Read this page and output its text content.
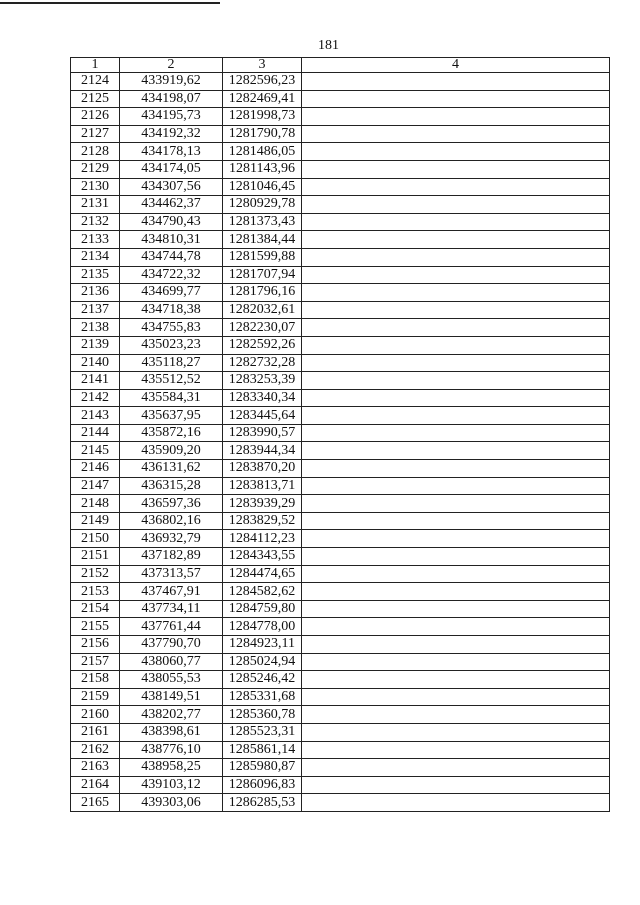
181
1	2	3	4
2124	433919,62	1282596,23	
2125	434198,07	1282469,41	
2126	434195,73	1281998,73	
2127	434192,32	1281790,78	
2128	434178,13	1281486,05	
2129	434174,05	1281143,96	
2130	434307,56	1281046,45	
2131	434462,37	1280929,78	
2132	434790,43	1281373,43	
2133	434810,31	1281384,44	
2134	434744,78	1281599,88	
2135	434722,32	1281707,94	
2136	434699,77	1281796,16	
2137	434718,38	1282032,61	
2138	434755,83	1282230,07	
2139	435023,23	1282592,26	
2140	435118,27	1282732,28	
2141	435512,52	1283253,39	
2142	435584,31	1283340,34	
2143	435637,95	1283445,64	
2144	435872,16	1283990,57	
2145	435909,20	1283944,34	
2146	436131,62	1283870,20	
2147	436315,28	1283813,71	
2148	436597,36	1283939,29	
2149	436802,16	1283829,52	
2150	436932,79	1284112,23	
2151	437182,89	1284343,55	
2152	437313,57	1284474,65	
2153	437467,91	1284582,62	
2154	437734,11	1284759,80	
2155	437761,44	1284778,00	
2156	437790,70	1284923,11	
2157	438060,77	1285024,94	
2158	438055,53	1285246,42	
2159	438149,51	1285331,68	
2160	438202,77	1285360,78	
2161	438398,61	1285523,31	
2162	438776,10	1285861,14	
2163	438958,25	1285980,87	
2164	439103,12	1286096,83	
2165	439303,06	1286285,53	
